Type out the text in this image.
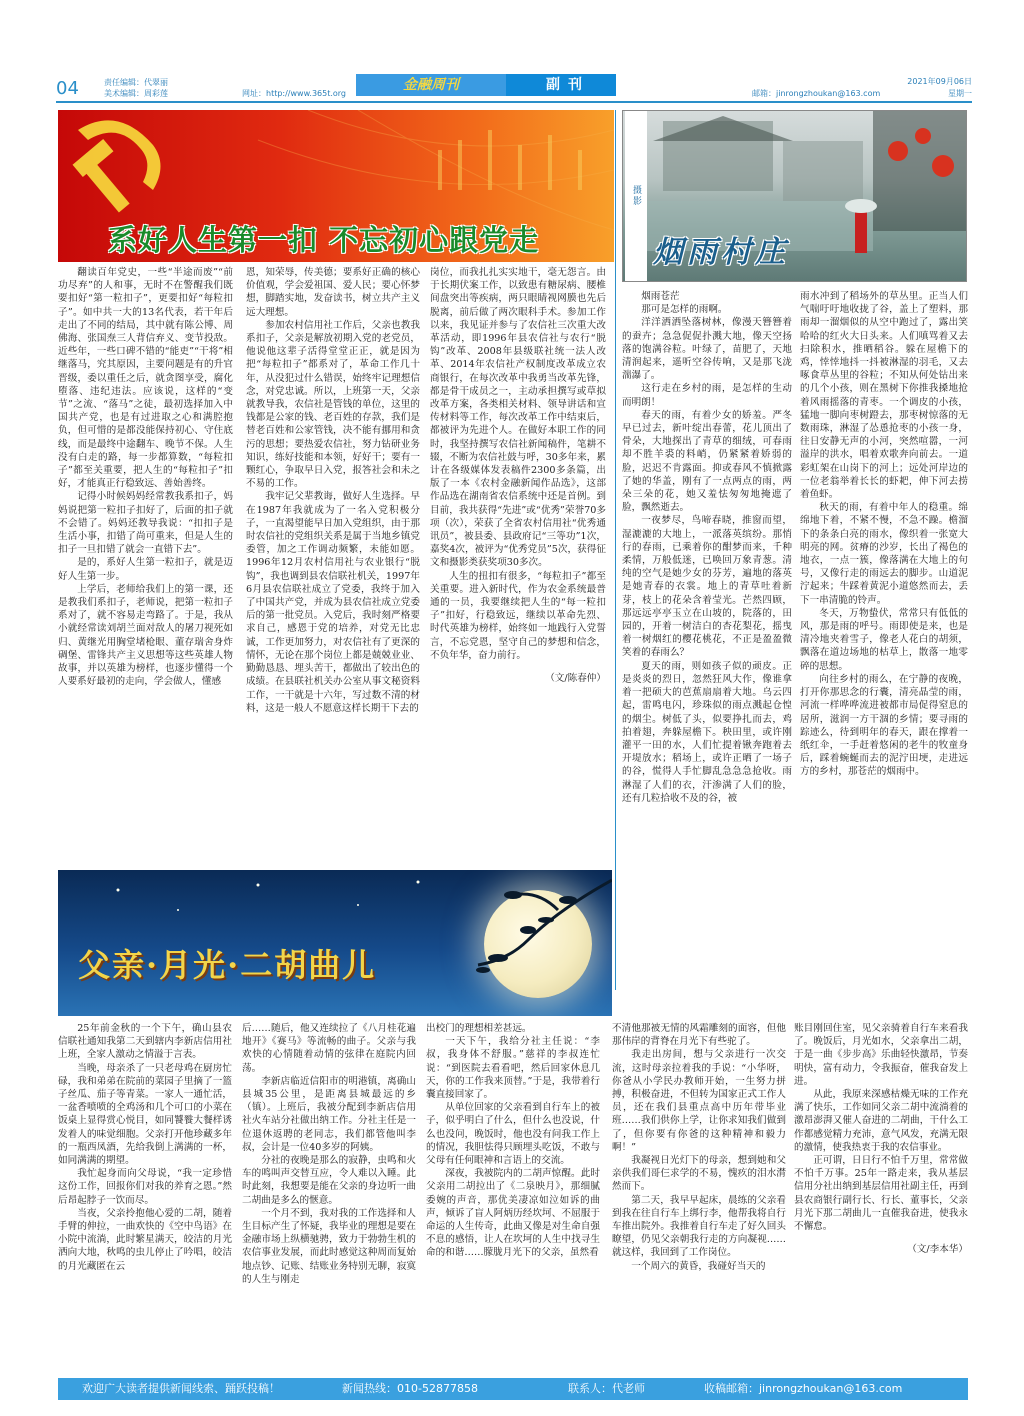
04	责任编辑：代翠丽
美术编辑：周彩莲	网址：http://www.365t.org
金融周刊	副刊
邮箱：jinrongzhoukan@163.com
2021年09月06日
星期一
系好人生第一扣 不忘初心跟党走

翻读百年党史，一些“半途而废”“前功尽弃”的人和事，无时不在警醒我们既要扣好“第一粒扣子”，更要扣好“每粒扣子”。如中共一大的13名代表，若干年后走出了不同的结局，其中就有陈公博、周佛海、张国焘三人背信弃义、变节投敌。近些年，一些口碑不错的“能吏”“干将”相继落马，究其原因，主要问题是有的升官晋级，委以重任之后，就贪图享受，腐化堕落、违纪违法。应该说，这样的“变节”之流、“落马”之徒，最初选择加入中国共产党，也是有过进取之心和满腔抱负，但可惜的是都没能保持初心、守住底线，而是最终中途翻车、晚节不保。人生没有白走的路，每一步都算数，“每粒扣子”都至关重要，把人生的“每粒扣子”扣好，才能真正行稳致远、善始善终。

记得小时候妈妈经常教我系扣子，妈妈说把第一粒扣子扣好了，后面的扣子就不会错了。妈妈还教导我说：“扣扣子是生活小事，扣错了尚可重来，但是人生的扣子一旦扣错了就会一直错下去”。

是的，系好人生第一粒扣子，就是迈好人生第一步。

上学后，老师给我们上的第一课，还是教我们系扣子，老师说，把第一粒扣子系对了，就不容易走弯路了。于是，我从小就经常读刘胡兰面对敌人的屠刀视死如归、黄继光用胸堂堵枪眼、董存瑞舍身炸碉堡、雷锋共产主义思想等这些英雄人物故事，并以英雄为榜样，也逐步懂得一个人要系好最初的走向，学会做人，懂感

恩，知荣辱，传美德；要系好正确的核心价值观，学会爱祖国、爱人民；要心怀梦想，脚踏实地，发奋读书，树立共产主义远大理想。

参加农村信用社工作后，父亲也教我系扣子，父亲是解放初期入党的老党员，他说他这辈子活得堂堂正正，就是因为把“每粒扣子”都系对了，革命工作几十年，从没犯过什么错误，始终牢记理想信念，对党忠诚。所以，上班第一天，父亲就教导我，农信社是管钱的单位，这里的钱都是公家的钱、老百姓的存款，我们是替老百姓和公家管钱，决不能有挪用和贪污的思想；要热爱农信社，努力钻研业务知识，练好技能和本领，好好干；要有一颗红心，争取早日入党，报答社会和未之不易的工作。

我牢记父辈教诲，做好人生选择。早在1987年我就成为了一名入党积极分子，一直渴望能早日加入党组织，由于那时农信社的党组织关系是属于当地乡镇党委管，加之工作调动频繁，未能如愿。1996年12月农村信用社与农业银行“脱钩”，我也调到县农信联社机关，1997年6月县农信联社成立了党委，我终于加入了中国共产党，并成为县农信社成立党委后的第一批党员。入党后，我时刻严格要求自己，感恩于党的培养，对党无比忠诚，工作更加努力，对农信社有了更深的情怀，无论在那个岗位上都是兢兢业业、勤勤恳恳、埋头苦干，都做出了较出色的成绩。在县联社机关办公室从事文秘资料工作，一干就是十六年，写过数不清的材料，这是一般人不愿意这样长期干下去的

岗位，而我扎扎实实地干，毫无怨言。由于长期伏案工作，以致患有糖尿病、腰椎间盘突出等疾病，两只眼睛视网膜也先后脱离，前后做了两次眼科手术。参加工作以来，我见证并参与了农信社三次重大改革活动，即1996年县农信社与农行“脱钩”改革、2008年县级联社统一法人改革、2014年农信社产权制度改革成立农商银行，在每次改革中我勇当改革先锋，都是骨干成员之一，主动承担撰写或草拟改革方案，各类相关材料、领导讲话和宣传材料等工作，每次改革工作中结束后，都被评为先进个人。在做好本职工作的同时，我坚持撰写农信社新闻稿件，笔耕不辍，不断为农信社鼓与呼，30多年来，累计在各级媒体发表稿件2300多条篇，出版了一本《农村金融新闻作品选》，这部作品选在湖南省农信系统中还是首例。到目前，我共获得“先进”或“优秀”荣誉70多项（次），荣获了全省农村信用社“优秀通讯员”，被县委、县政府记“三等功”1次，嘉奖4次，被评为“优秀党员”5次，获得征文和摄影类获奖项30多次。

人生的扭扣有很多，“每粒扣子”都至关重要。进入新时代，作为农金系统最普通的一员，我要继续把人生的“每一粒扣子”扣好，行稳致远，继续以革命先烈、时代英雄为榜样，始终如一地践行入党誓言，不忘党恩，坚守自己的梦想和信念，不负年华，奋力前行。

（文/陈春仲）

摄影
烟雨村庄

烟雨苍茫

那可是怎样的雨啊。

洋洋洒洒坠落树林，像漫天簪簪着的蚕卉；急急促促扑溅大地，像天空扬落的饱满谷粒。叶绿了，苗肥了，天地清润起来，遥听空谷传响，又是那飞泷湍瀑了。

这行走在乡村的雨，是怎样的生动而明朗！

春天的雨，有着少女的娇羞。严冬早已过去，新叶绽出春蕾，花儿顶出了骨朵，大地探出了青草的细绒，可春雨却不胜羊裘的料峭，仍紧紧着娇弱的脸，迟迟不肯露面。抑或春风不慎掀露了她的华盖，刚有了一点两点的雨，两朵三朵的花，她又羞怯匆匆地掩遮了脸，飘然逝去。

一夜梦尽，鸟啼春晓，推窗而望，湿漉漉的大地上，一派落英缤纷。那悄行的春雨，已乘着你的酣梦而来，千种柔情，万般低迷，已唤回万象青葱。清纯的空气是她少女的芬芳，遍地的落英是她青春的衣裳。地上的青草吐着新芽，枝上的花朵含着莹光。芒然四顾，那远远亭亭玉立在山坡的，院落的，田园的，开着一树洁白的杏花梨花，摇曳着一树烟红的樱花桃花，不正是盈盈微笑着的春雨么？

夏天的雨，则如孩子似的顽皮。正是炎炎的烈日，忽然狂风大作，像谁拿着一把硕大的芭蕉扇扇着大地。乌云四起，雷鸣电闪，珍珠似的雨点溅起仓惶的烟尘。树低了头，似要挣扎而去，鸡拍着翅，奔躲屋檐下。秧田里，或许刚灌平一田的水，人们忙提着锹奔跑着去开堤放水；稻场上，或许正晒了一场子的谷，慌得人手忙脚乱急急急抢收。雨淋湿了人们的衣，汗渗满了人们的脸，还有几粒拾收不及的谷，被

雨水冲到了稻场外的草丛里。正当人们气喘吁吁地收拢了谷，盖上了塑料，那雨却一溜烟似的从空中跑过了，露出笑哈哈的红火大日头来。人们嗔骂着又去扫除积水，推晒稻谷。躲在屋檐下的鸡，悻悻地抖一抖被淋湿的羽毛，又去啄食草丛里的谷粒；不知从何处钻出来的几个小孩，则在黑树下你推我搡地抢着风雨摇落的青枣。一个调皮的小孩，猛地一脚向枣树蹬去，那枣树惊落的无数雨珠，淋湿了怂恿抢枣的小孩一身，往日安静无声的小河，突然喧嚣，一河溢岸的洪水，唱着欢歌奔向前去。一道彩虹架在山岗下的河上；远处河岸边的一位老翁举着长长的虾耙，伸下河去捞着鱼虾。

秋天的雨，有着中年人的稳重。绵绵地下着，不紧不慢，不急不躁。檐溜下的条条白亮的雨水，像织着一张宽大明亮的网。贫瘠的沙岁，长出了褐色的地衣，一点一簇，像落满在大地上的句号，又像行走的雨远去的脚步。山道泥泞起来；牛踩着黄泥小道悠然而去，丢下一串清脆的铃声。

冬天，万物蛰伏，常常只有低低的风，那是雨的呼号。雨即使是来，也是清冷地夹着雪子，像老人花白的胡须，飘落在道边场地的枯草上，散落一地零碎的思想。

向往乡村的雨么，在宁静的夜晚，打开你那思念的行囊，清亮晶莹的雨，河流一样哗哗流进被都市局促得窒息的居所，滋润一方干涸的乡情；要寻雨的踪迹么，待到明年的春天，跟在撑着一纸红伞，一手赶着悠闲的老牛的牧童身后，踩着蜿蜒而去的泥泞田埂，走进远方的乡村，那苍茫的烟雨中。

父亲·月光·二胡曲儿

25年前金秋的一个下午，确山县农信联社通知我第二天到辖内李新店信用社上班，全家人激动之情溢于言表。

当晚，母亲杀了一只老母鸡在厨房忙碌，我和弟弟在院前的菜园子里摘了一篮子丝瓜、茄子等青菜。一家人一通忙活，一盆香喷喷的全鸡汤和几个可口的小菜在饭桌上显得赏心悦目，如同饕餮大餐样诱发着人的味觉细胞。父亲打开他珍藏多年的一瓶西凤酒，先给我倒上满满的一杯，如同满满的期望。

我忙起身而向父母说，“我一定珍惜这份工作，回报你们对我的养育之恩。”然后昂起脖子一饮而尽。

当夜，父亲拎抱他心爱的二胡，随着手臂的伸拉，一曲欢快的《空中鸟语》在小院中流淌，此时繁星满天，皎洁的月光洒向大地，秋鸣的虫儿停止了吟唱，皎洁的月光藏匿在云

后……随后，他又连续拉了《八月桂花遍地开》《赛马》等流畅的曲子。父亲与我欢快的心情随着动情的弦律在庭院内回荡。

李新店临近信阳市的明港镇，离确山县城35公里，是距离县城最远的乡（镇）。上班后，我被分配到李新店信用社火车站分社做出纳工作。分社主任是一位退休返聘的老同志，我们都管他叫李叔，会计是一位40多岁的阿姨。

分社的夜晚是那么的寂静，虫鸣和火车的鸣叫声交替互应，令人难以入睡。此时此刻，我想要是能在父亲的身边听一曲二胡曲是多么的惬意。

一个月不到，我对我的工作选择和人生目标产生了怀疑，我毕业的理想是要在金融市场上纵横驰骋，致力于勃勃生机的农信事业发展，而此时感觉这种周而复始地点钞、记账、结账业务特别无聊，寂寞的人生与刚走

出校门的理想相差甚远。

一天下午，我给分社主任说：“李叔，我身体不舒服。”慈祥的李叔连忙说：“到医院去看看吧，然后回家休息几天，你的工作我来顶替。”于是，我带着行囊直接回家了。

从单位回家的父亲看到自行车上的被子，似乎明白了什么，但什么也没说，什么也没问，晚饭时，他也没有问我工作上的情况，我胆怯得只顾埋头吃饭，不敢与父母有任何眼神和言语上的交流。

深夜，我被院内的二胡声惊醒。此时父亲用二胡拉出了《二泉映月》，那细腻委婉的声音，那优美凄凉如泣如诉的曲声，倾诉了盲人阿炳历经坎坷、不屈服于命运的人生传奇，此曲又像是对生命自强不息的感悟，让人在坎坷的人生中找寻生命的和谐……朦胧月光下的父亲，虽然看

不清他那被无情的风霜雕刻的面容，但他那伟岸的背脊在月光下有些驼了。

我走出房间，想与父亲进行一次交流，这时母亲拉着我的手说：“小华呀，你爸从小学民办教师开始，一生努力拼搏，积极奋进，不但转为国家正式工作人员，还在我们县重点高中历年带毕业班……我们供你上学，让你求知我们做到了，但你要有你爸的这种精神和毅力啊！”

我凝视日光灯下的母亲，想到她和父亲供我们哥仨求学的不易，愧疚的泪水潸然而下。

第二天，我早早起床，晨练的父亲看到我在往自行车上绑行李，他帮我将自行车推出院外。我推着自行车走了好久回头瞭望，仍见父亲朝我行走的方向凝视……就这样，我回到了工作岗位。

一个周六的黄昏，我碰好当天的

账目刚回住室，见父亲骑着自行车来看我了。晚饭后，月光如水，父亲拿出二胡，于是一曲《步步高》乐曲轻快激昂，节奏明快，富有动力，令我振奋，催我奋发上进。

从此，我原来深感枯燥无味的工作充满了快乐，工作如同父亲二胡中流淌着的激昂澎湃又催人奋进的二胡曲，干什么工作都感觉精力充沛，意气风发，充满无限的激情，使我热衷于我的农信事业。

正可谓，日日行不怕千万里，常常做不怕千万事。25年一路走来，我从基层信用分社出纳到基层信用社副主任，再到县农商银行副行长、行长、董事长，父亲月光下那二胡曲儿一直催我奋进，使我永不懈怠。

（文/李本华）

欢迎广大读者提供新闻线索、踊跃投稿！	新闻热线：010-52877858	联系人：代老师	收稿邮箱：jinrongzhoukan@163.com
